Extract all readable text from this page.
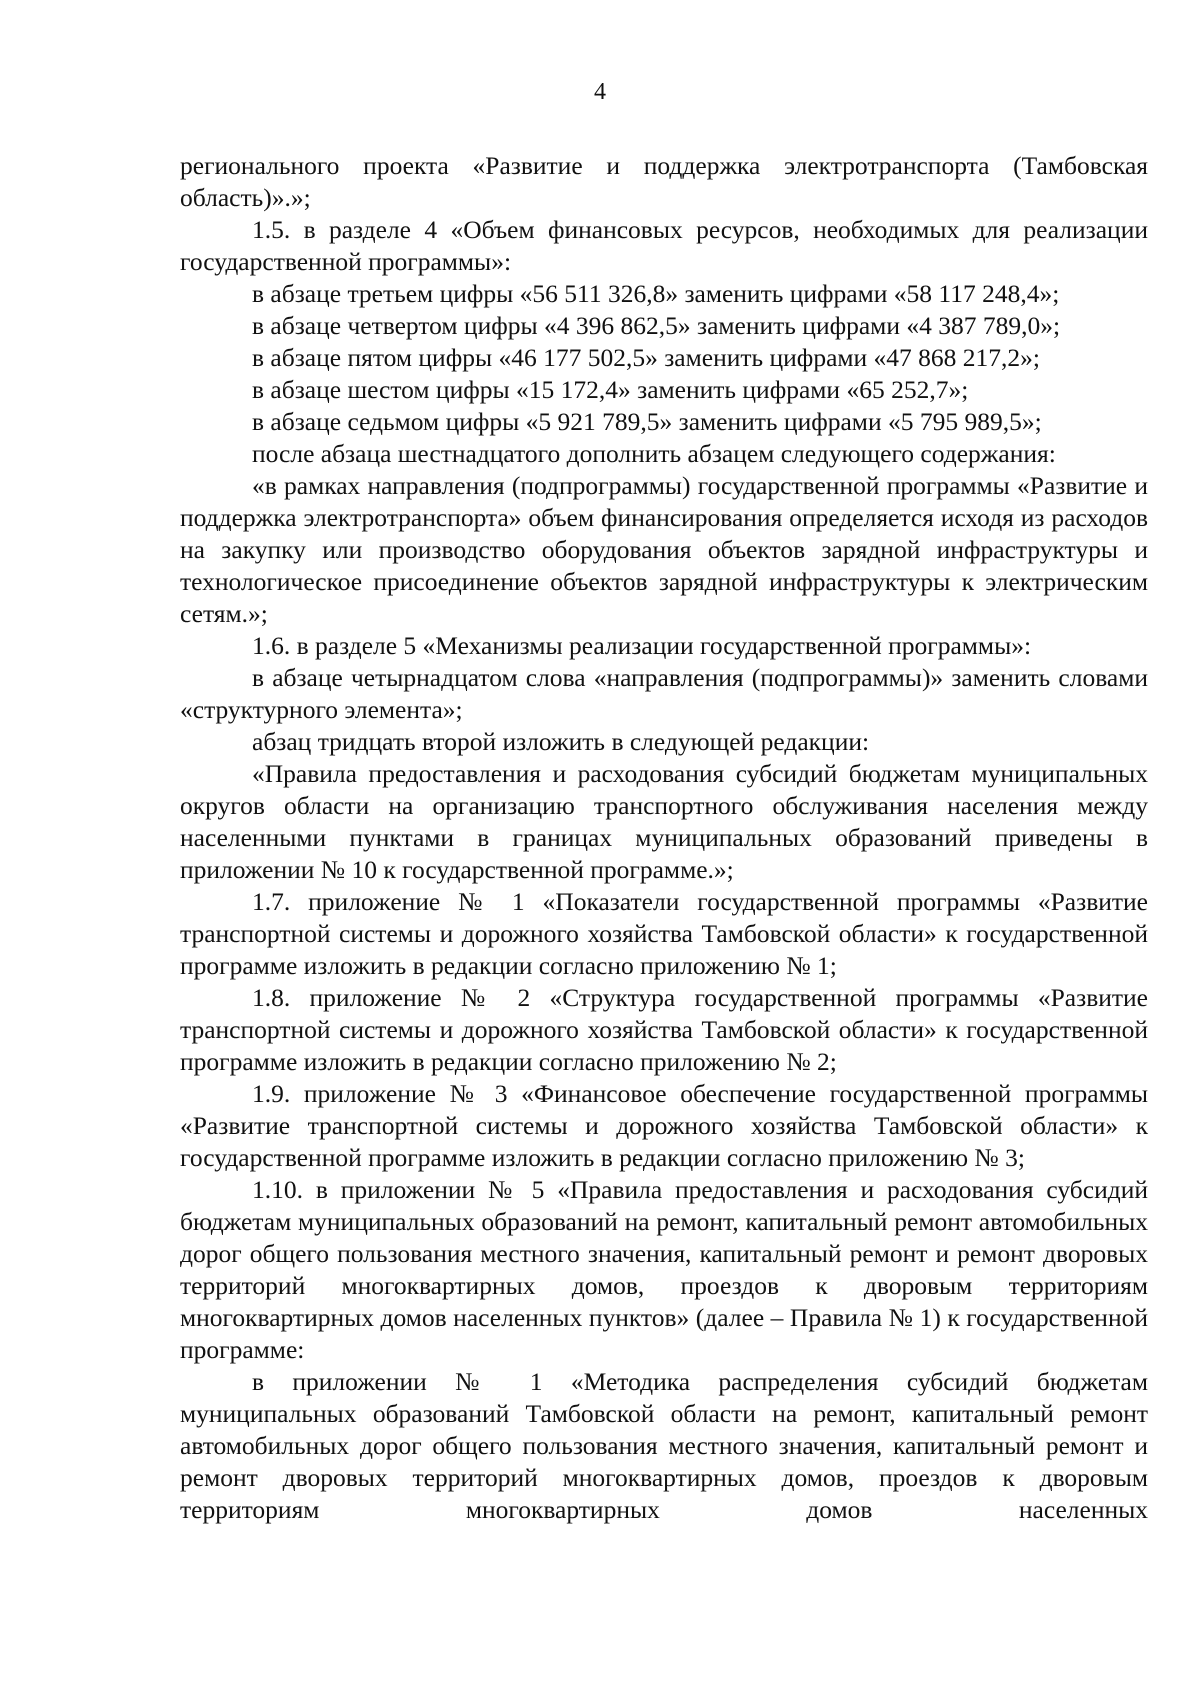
4

регионального проекта «Развитие и поддержка электротранспорта (Тамбовская область)».»;

1.5. в разделе 4 «Объем финансовых ресурсов, необходимых для реализации государственной программы»:

в абзаце третьем цифры «56 511 326,8» заменить цифрами «58 117 248,4»;

в абзаце четвертом цифры «4 396 862,5» заменить цифрами «4 387 789,0»;

в абзаце пятом цифры «46 177 502,5» заменить цифрами «47 868 217,2»;

в абзаце шестом цифры «15 172,4» заменить цифрами «65 252,7»;

в абзаце седьмом цифры «5 921 789,5» заменить цифрами «5 795 989,5»;

после абзаца шестнадцатого дополнить абзацем следующего содержания:

«в рамках направления (подпрограммы) государственной программы «Развитие и поддержка электротранспорта» объем финансирования определяется исходя из расходов на закупку или производство оборудования объектов зарядной инфраструктуры и технологическое присоединение объектов зарядной инфраструктуры к электрическим сетям.»;

1.6. в разделе 5 «Механизмы реализации государственной программы»:

в абзаце четырнадцатом слова «направления (подпрограммы)» заменить словами «структурного элемента»;

абзац тридцать второй изложить в следующей редакции:

«Правила предоставления и расходования субсидий бюджетам муниципальных округов области на организацию транспортного обслуживания населения между населенными пунктами в границах муниципальных образований приведены в приложении № 10 к государственной программе.»;

1.7. приложение № 1 «Показатели государственной программы «Развитие транспортной системы и дорожного хозяйства Тамбовской области» к государственной программе изложить в редакции согласно приложению № 1;

1.8. приложение № 2 «Структура государственной программы «Развитие транспортной системы и дорожного хозяйства Тамбовской области» к государственной программе изложить в редакции согласно приложению № 2;

1.9. приложение № 3 «Финансовое обеспечение государственной программы «Развитие транспортной системы и дорожного хозяйства Тамбовской области» к государственной программе изложить в редакции согласно приложению № 3;

1.10. в приложении № 5 «Правила предоставления и расходования субсидий бюджетам муниципальных образований на ремонт, капитальный ремонт автомобильных дорог общего пользования местного значения, капитальный ремонт и ремонт дворовых территорий многоквартирных домов, проездов к дворовым территориям многоквартирных домов населенных пунктов» (далее – Правила № 1) к государственной программе:

в приложении № 1 «Методика распределения субсидий бюджетам муниципальных образований Тамбовской области на ремонт, капитальный ремонт автомобильных дорог общего пользования местного значения, капитальный ремонт и ремонт дворовых территорий многоквартирных домов, проездов к дворовым территориям многоквартирных домов населенных
